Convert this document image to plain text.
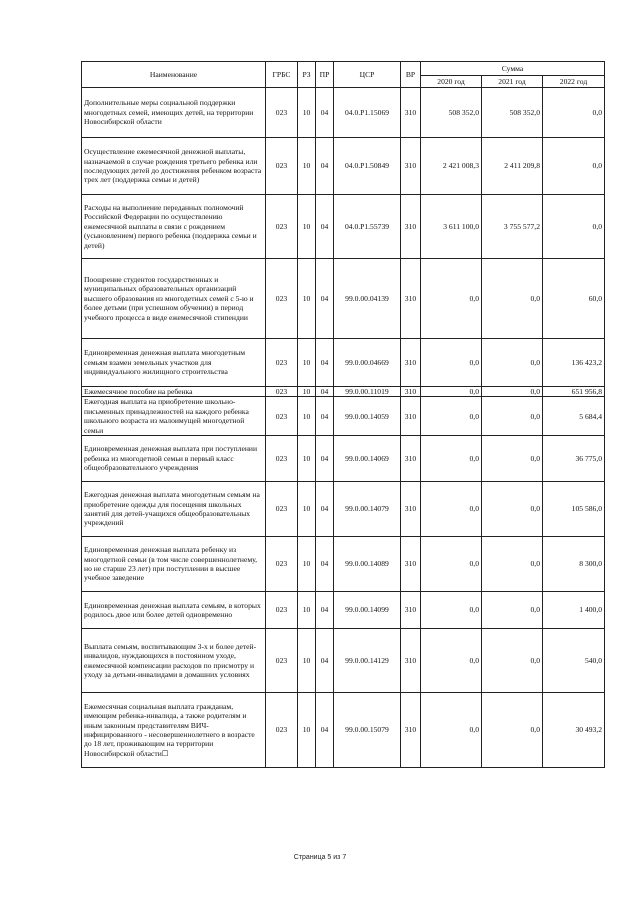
Наименование	ГРБС	РЗ	ПР	ЦСР	ВР	Сумма		
						2020 год	2021 год	2022 год
Дополнительные меры социальной поддержки многодетных семей, имеющих детей, на территории Новосибирской области	023	10	04	04.0.P1.15069	310	508 352,0	508 352,0	0,0
Осуществление ежемесячной денежной выплаты, назначаемой в случае рождения третьего ребенка или последующих детей до достижения ребенком возраста трех лет (поддержка семьи и детей)	023	10	04	04.0.P1.50849	310	2 421 008,3	2 411 209,8	0,0
Расходы на выполнение переданных полномочий Российской Федерации по осуществлению ежемесячной выплаты в связи с рождением (усыновлением) первого ребенка (поддержка семьи и детей)	023	10	04	04.0.P1.55739	310	3 611 100,0	3 755 577,2	0,0
Поощрение студентов государственных и муниципальных образовательных организаций высшего образования из многодетных семей с 5-ю и более детьми (при успешном обучении) в период учебного процесса в виде ежемесячной стипендии	023	10	04	99.0.00.04139	310	0,0	0,0	60,0
Единовременная денежная выплата многодетным семьям взамен земельных участков для индивидуального жилищного строительства	023	10	04	99.0.00.04669	310	0,0	0,0	136 423,2
Ежемесячное пособие на ребенка	023	10	04	99.0.00.11019	310	0,0	0,0	651 956,8
Ежегодная выплата на приобретение школьно-письменных принадлежностей на каждого ребенка школьного возраста из малоимущей многодетной семьи	023	10	04	99.0.00.14059	310	0,0	0,0	5 684,4
Единовременная денежная выплата при поступлении ребенка из многодетной семьи в первый класс общеобразовательного учреждения	023	10	04	99.0.00.14069	310	0,0	0,0	36 775,0
Ежегодная денежная выплата многодетным семьям на приобретение одежды для посещения школьных занятий для детей-учащихся общеобразовательных учреждений	023	10	04	99.0.00.14079	310	0,0	0,0	105 586,0
Единовременная денежная выплата ребенку из многодетной семьи (в том числе совершеннолетнему, но не старше 23 лет) при поступлении в высшее учебное заведение	023	10	04	99.0.00.14089	310	0,0	0,0	8 300,0
Единовременная денежная выплата семьям, в которых родилось двое или более детей одновременно	023	10	04	99.0.00.14099	310	0,0	0,0	1 400,0
Выплата семьям, воспитывающим 3-х и более детей-инвалидов, нуждающихся в постоянном уходе, ежемесячной компенсации расходов по присмотру и уходу за детьми-инвалидами в домашних условиях	023	10	04	99.0.00.14129	310	0,0	0,0	540,0
Ежемесячная социальная выплата гражданам, имеющим ребенка-инвалида, а также родителям и иным законным представителям ВИЧ-инфицированного - несовершеннолетнего в возрасте до 18 лет, проживающим на территории Новосибирской области☐	023	10	04	99.0.00.15079	310	0,0	0,0	30 493,2
Страница 5 из 7
